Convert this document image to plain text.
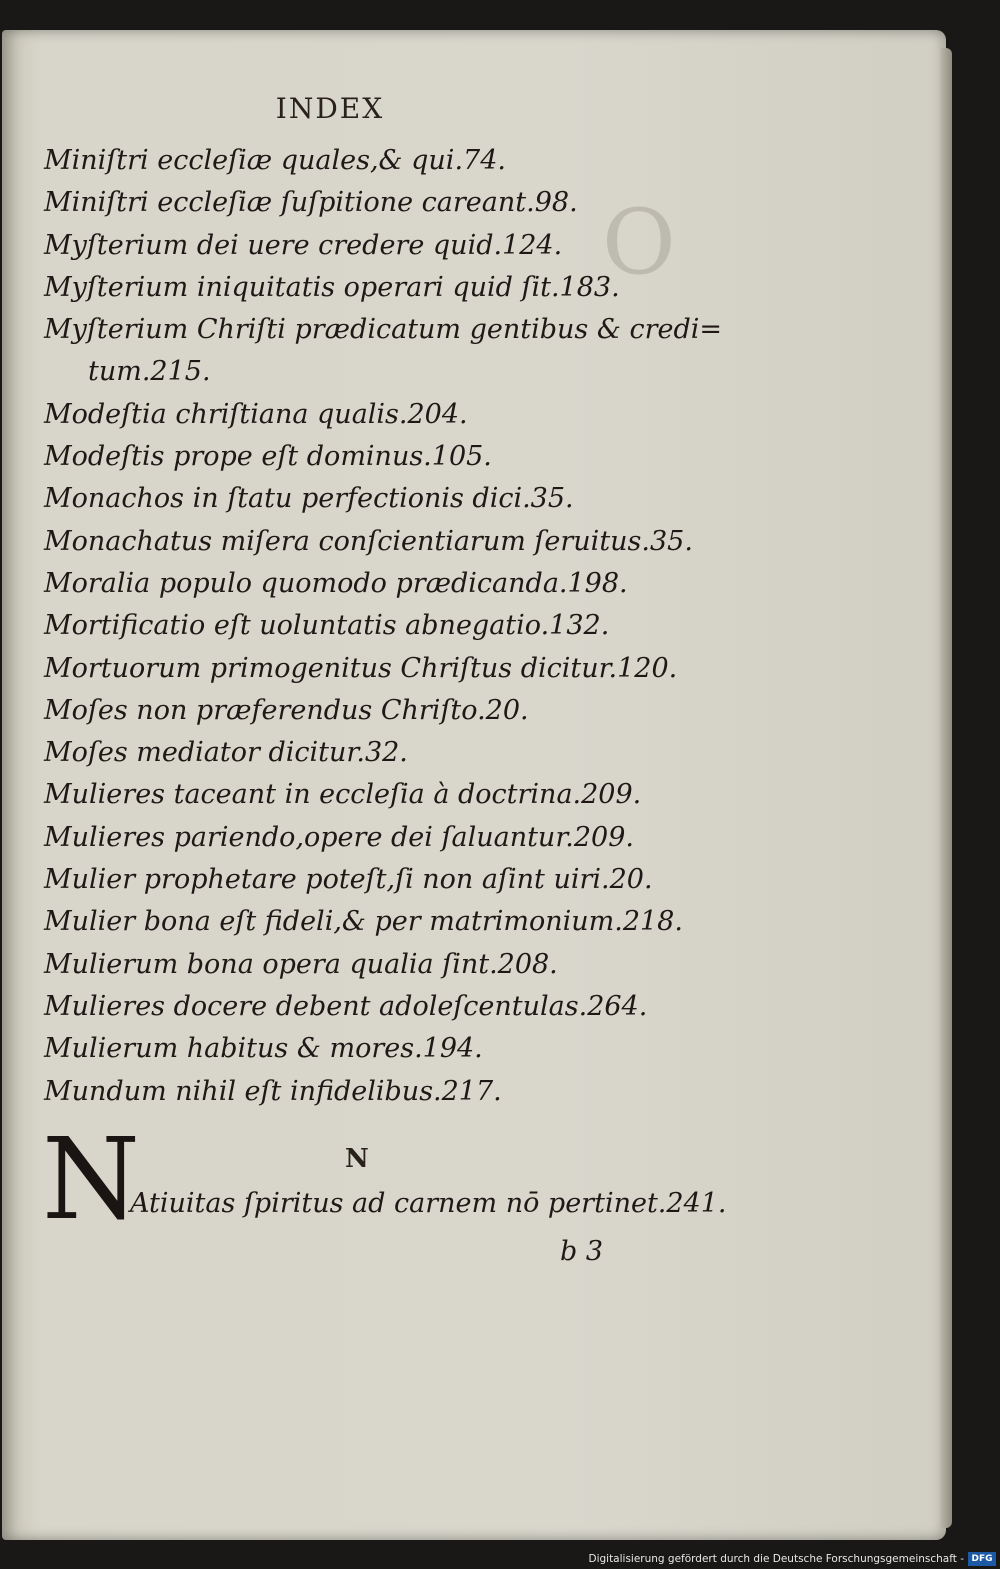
O
INDEX
Miniſtri eccleſiæ quales,& qui.74.
Miniſtri eccleſiæ ſuſpitione careant.98.
Myſterium dei uere credere quid.124.
Myſterium iniquitatis operari quid ſit.183.
Myſterium Chriſti prædicatum gentibus & credi=
tum.215.
Modeſtia chriſtiana qualis.204.
Modeſtis prope eſt dominus.105.
Monachos in ſtatu perfectionis dici.35.
Monachatus miſera conſcientiarum ſeruitus.35.
Moralia populo quomodo prædicanda.198.
Mortificatio eſt uoluntatis abnegatio.132.
Mortuorum primogenitus Chriſtus dicitur.120.
Moſes non præferendus Chriſto.20.
Moſes mediator dicitur.32.
Mulieres taceant in eccleſia à doctrina.209.
Mulieres pariendo,opere dei ſaluantur.209.
Mulier prophetare poteſt,ſi non aſint uiri.20.
Mulier bona eſt fideli,& per matrimonium.218.
Mulierum bona opera qualia ſint.208.
Mulieres docere debent adoleſcentulas.264.
Mulierum habitus & mores.194.
Mundum nihil eſt infidelibus.217.
N
N
Atiuitas ſpiritus ad carnem nō pertinet.241.
b 3
Digitalisierung gefördert durch die Deutsche Forschungsgemeinschaft - DFG
